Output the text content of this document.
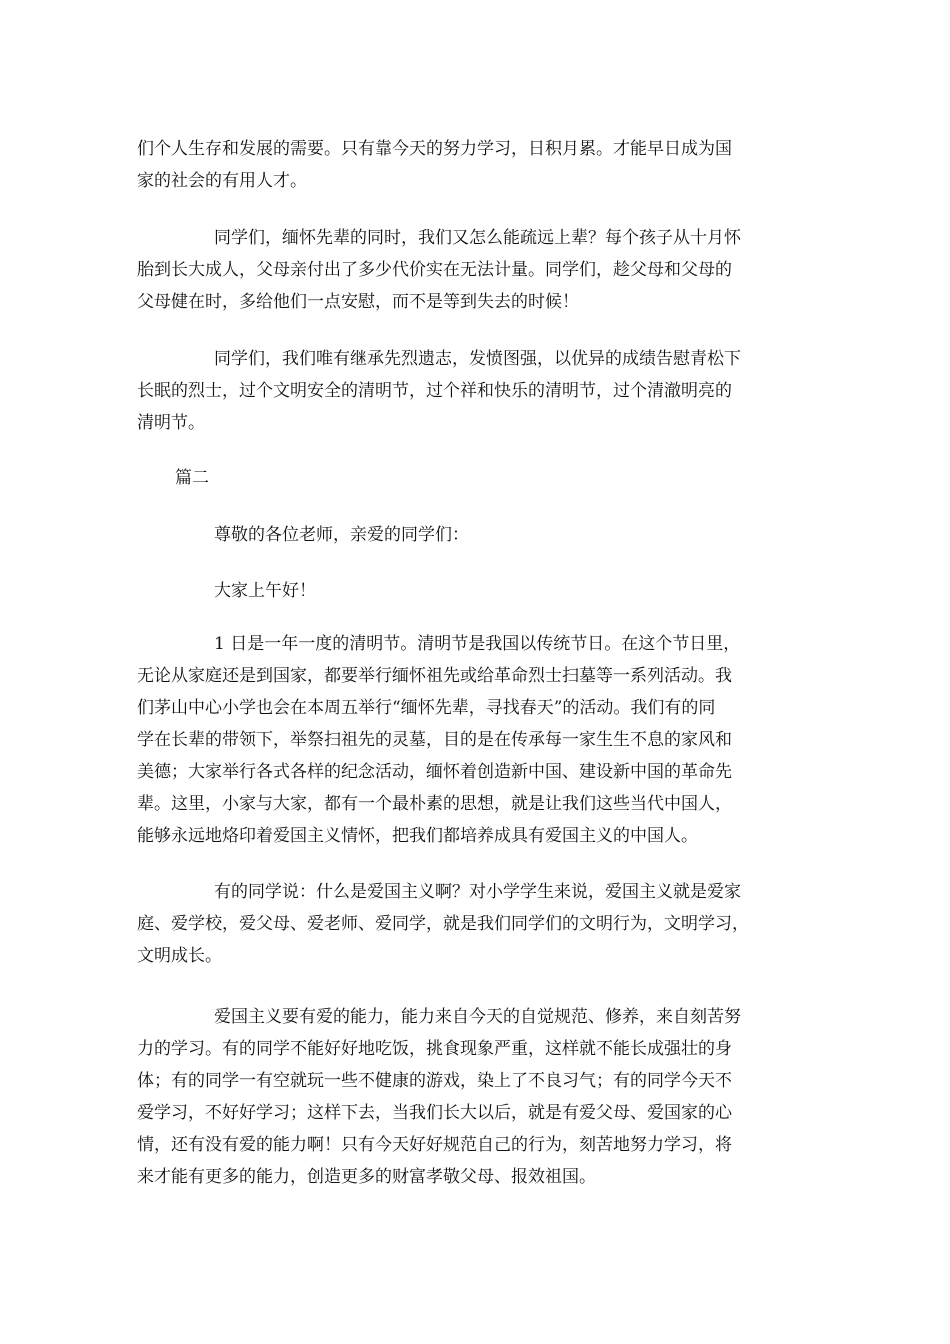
们个人生存和发展的需要。只有靠今天的努力学习，日积月累。才能早日成为国
家的社会的有用人才。
同学们，缅怀先辈的同时，我们又怎么能疏远上辈？每个孩子从十月怀
胎到长大成人，父母亲付出了多少代价实在无法计量。同学们，趁父母和父母的
父母健在时，多给他们一点安慰，而不是等到失去的时候！
同学们，我们唯有继承先烈遗志，发愤图强，以优异的成绩告慰青松下
长眠的烈士，过个文明安全的清明节，过个祥和快乐的清明节，过个清澈明亮的
清明节。
篇二
尊敬的各位老师，亲爱的同学们：
大家上午好！
1 日是一年一度的清明节。清明节是我国以传统节日。在这个节日里，
无论从家庭还是到国家，都要举行缅怀祖先或给革命烈士扫墓等一系列活动。我
们茅山中心小学也会在本周五举行“缅怀先辈，寻找春天”的活动。我们有的同
学在长辈的带领下，举祭扫祖先的灵墓，目的是在传承每一家生生不息的家风和
美德；大家举行各式各样的纪念活动，缅怀着创造新中国、建设新中国的革命先
辈。这里，小家与大家，都有一个最朴素的思想，就是让我们这些当代中国人，
能够永远地烙印着爱国主义情怀，把我们都培养成具有爱国主义的中国人。
有的同学说：什么是爱国主义啊？对小学学生来说，爱国主义就是爱家
庭、爱学校，爱父母、爱老师、爱同学，就是我们同学们的文明行为，文明学习，
文明成长。
爱国主义要有爱的能力，能力来自今天的自觉规范、修养，来自刻苦努
力的学习。有的同学不能好好地吃饭，挑食现象严重，这样就不能长成强壮的身
体；有的同学一有空就玩一些不健康的游戏，染上了不良习气；有的同学今天不
爱学习，不好好学习；这样下去，当我们长大以后，就是有爱父母、爱国家的心
情，还有没有爱的能力啊！只有今天好好规范自己的行为，刻苦地努力学习，将
来才能有更多的能力，创造更多的财富孝敬父母、报效祖国。
